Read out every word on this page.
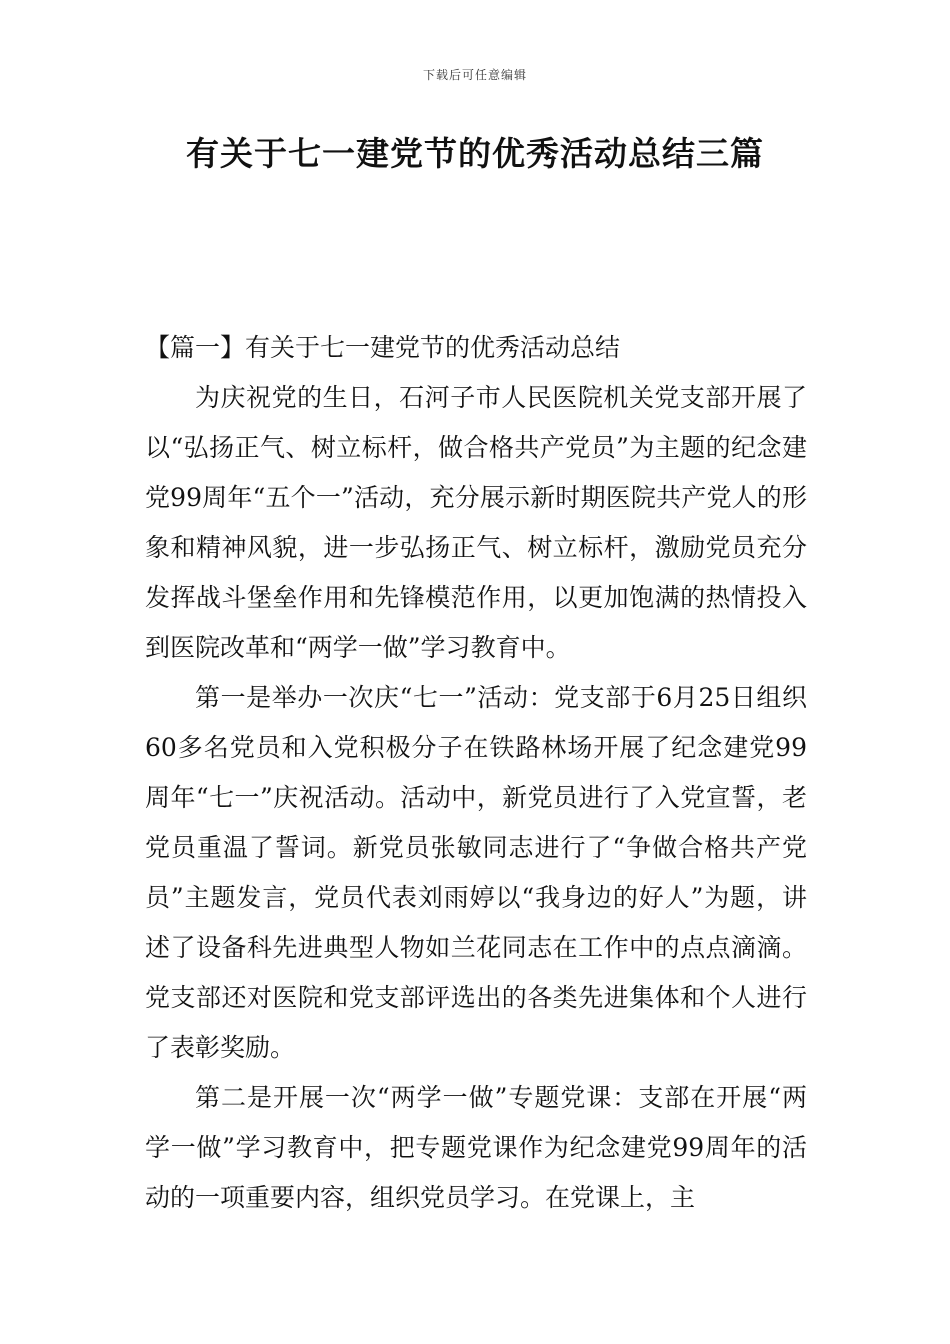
下载后可任意编辑
有关于七一建党节的优秀活动总结三篇

【篇一】有关于七一建党节的优秀活动总结

为庆祝党的生日，石河子市人民医院机关党支部开展了以“弘扬正气、树立标杆，做合格共产党员”为主题的纪念建党99周年“五个一”活动，充分展示新时期医院共产党人的形象和精神风貌，进一步弘扬正气、树立标杆，激励党员充分发挥战斗堡垒作用和先锋模范作用，以更加饱满的热情投入到医院改革和“两学一做”学习教育中。

第一是举办一次庆“七一”活动：党支部于6月25日组织60多名党员和入党积极分子在铁路林场开展了纪念建党99周年“七一”庆祝活动。活动中，新党员进行了入党宣誓，老党员重温了誓词。新党员张敏同志进行了“争做合格共产党员”主题发言，党员代表刘雨婷以“我身边的好人”为题，讲述了设备科先进典型人物如兰花同志在工作中的点点滴滴。党支部还对医院和党支部评选出的各类先进集体和个人进行了表彰奖励。

第二是开展一次“两学一做”专题党课：支部在开展“两学一做”学习教育中，把专题党课作为纪念建党99周年的活动的一项重要内容，组织党员学习。在党课上，主
